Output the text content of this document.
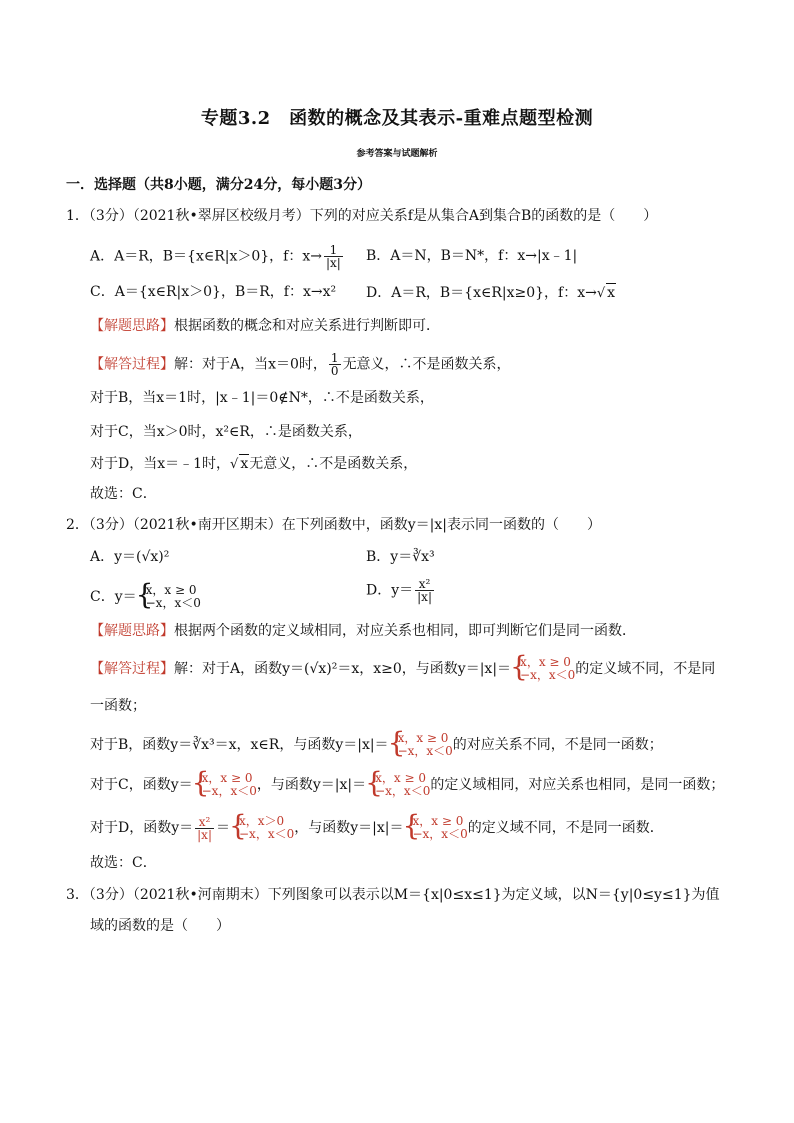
专题3.2　函数的概念及其表示-重难点题型检测
参考答案与试题解析
一．选择题（共8小题，满分24分，每小题3分）
1．（3分）（2021秋•翠屏区校级月考）下列的对应关系f是从集合A到集合B的函数的是（　　）
A．A＝R，B＝{x∈R|x＞0}，f：$x\to \frac{1}{|x|}$ B．A＝N，B＝N*，f：x→|x﹣1|
C．A＝{x∈R|x＞0}，B＝R，f：x→x² D．A＝R，B＝{x∈R|x≥0}，f：x→√ x
【解题思路】根据函数的概念和对应关系进行判断即可．
【解答过程】解：对于A，当x＝0时， $\frac{1}{0}$ 无意义，∴不是函数关系，
对于B，当x＝1时，|x﹣1|＝0∉N*，∴不是函数关系，
对于C，当x＞0时，x²∈R，∴是函数关系，
对于D，当x＝﹣1时，√ x无意义，∴不是函数关系，
故选：C．
2．（3分）（2021秋•南开区期末）在下列函数中，函数y＝|x|表示同一函数的（　　）
A．y＝(√x)²	B．y＝∛x³
C．y＝ { x，x ≥ 0
−x，x＜0
D．$y= \frac{\text{x²}}{|x|}$
【解题思路】根据两个函数的定义域相同，对应关系也相同，即可判断它们是同一函数．
【解答过程】解：对于A，函数y＝(√x)²＝x，x≥0，与函数y＝|x|＝ { x，x ≥ 0
−x，x＜0 的定义域不同，不是同
一函数；
对于B，函数y＝∛x³＝x，x∈R，与函数y＝|x|＝ { x，x ≥ 0
−x，x＜0 的对应关系不同，不是同一函数；
对于C，函数y＝ { x，x ≥ 0
−x，x＜0 ，与函数y＝|x|＝ { x，x ≥ 0
−x，x＜0 的定义域相同，对应关系也相同，是同一函数；
对于D，函数$y= \frac{\text{x²}}{|x|}$ ＝ { x，x＞0
−x，x＜0 ，与函数y＝|x|＝ { x，x ≥ 0
−x，x＜0 的定义域不同，不是同一函数．
故选：C．
3．（3分）（2021秋•河南期末）下列图象可以表示以M＝{x|0≤x≤1}为定义域，以N＝{y|0≤y≤1}为值
域的函数的是（　　）
